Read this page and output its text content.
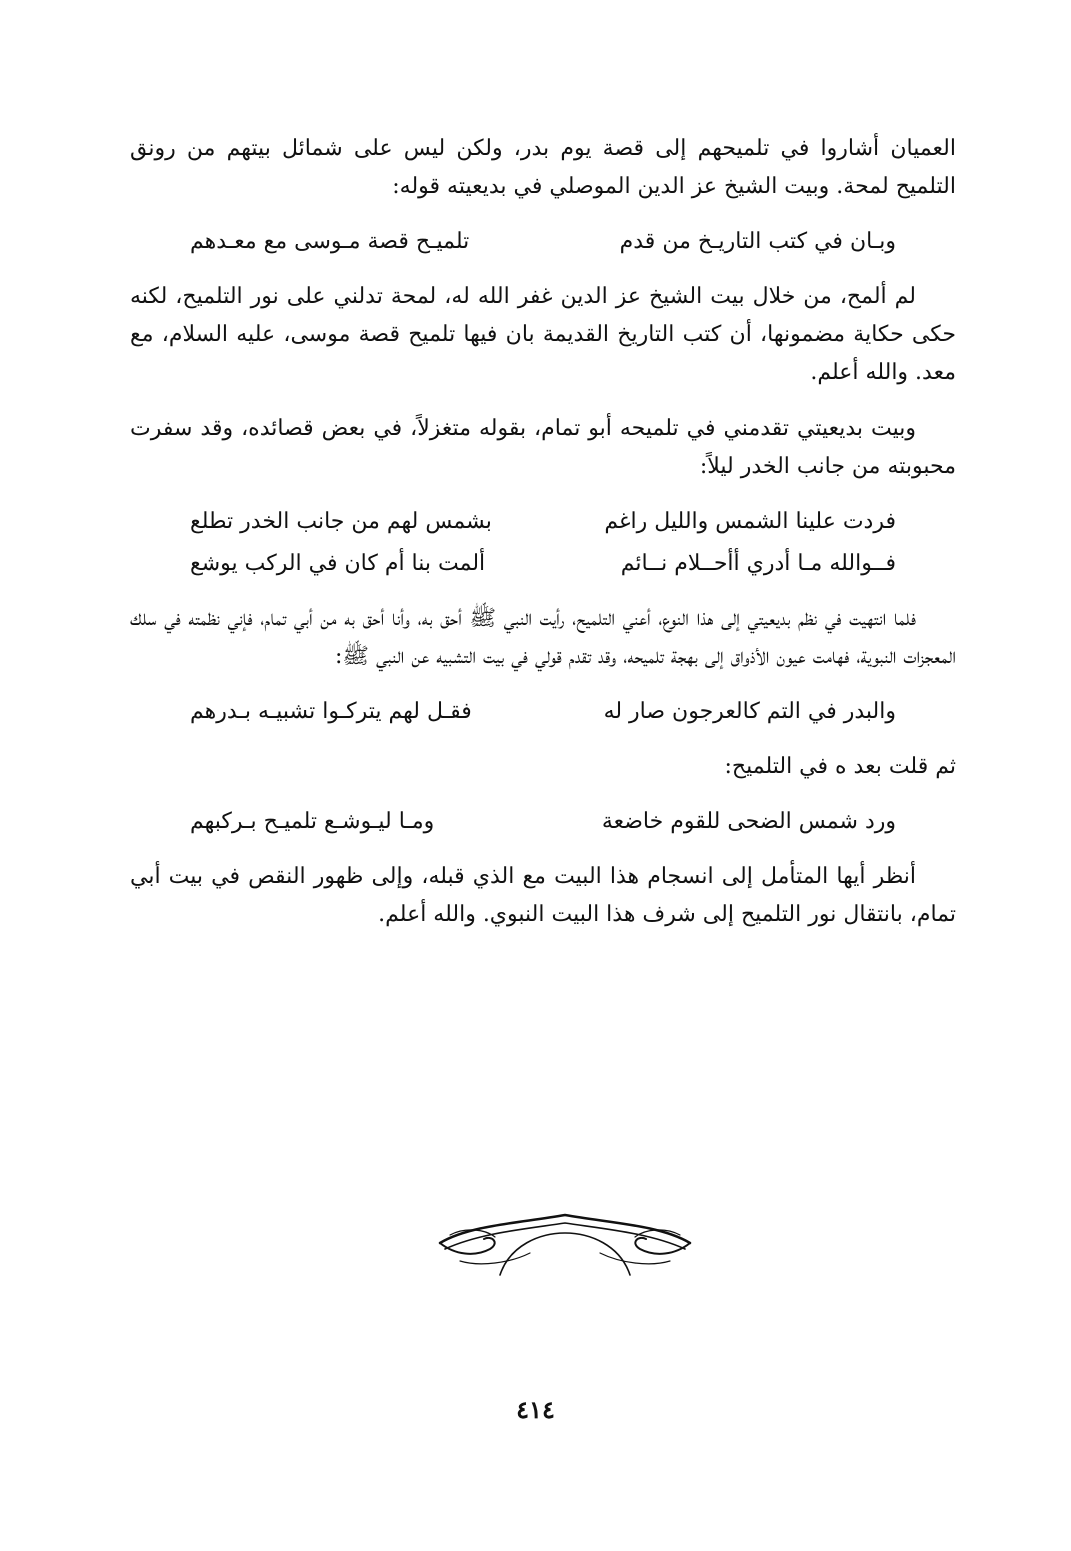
العميان أشاروا في تلميحهم إلى قصة يوم بدر، ولكن ليس على شمائل بيتهم من رونق التلميح لمحة. وبيت الشيخ عز الدين الموصلي في بديعيته قوله:

وبـان في كتب التاريـخ من قدم
تلميـح قصة مـوسى مع معـدهم

لم ألمح، من خلال بيت الشيخ عز الدين غفر الله له، لمحة تدلني على نور التلميح، لكنه حكى حكاية مضمونها، أن كتب التاريخ القديمة بان فيها تلميح قصة موسى، عليه السلام، مع معد. والله أعلم.

وبيت بديعيتي تقدمني في تلميحه أبو تمام، بقوله متغزلاً، في بعض قصائده، وقد سفرت محبوبته من جانب الخدر ليلاً:

فردت علينا الشمس والليل راغم
بشمس لهم من جانب الخدر تطلع
فــوالله مـا أدري أأحــلام نــائم
ألمت بنا أم كان في الركب يوشع

فلما انتهيت في نظم بديعيتي إلى هذا النوع، أعني التلميح، رأيت النبي ﷺ أحق به، وأنا أحق به من أبي تمام، فإني نظمته في سلك المعجزات النبوية، فهامت عيون الأذواق إلى بهجة تلميحه، وقد تقدم قولي في بيت التشبيه عن النبي ﷺ:

والبدر في التم كالعرجون صار له
فقـل لهم يتركـوا تشبيـه بـدرهم

ثم قلت بعد ه في التلميح:

ورد شمس الضحى للقوم خاضعة
ومـا ليـوشـع تلميـح بـركبهم

أنظر أيها المتأمل إلى انسجام هذا البيت مع الذي قبله، وإلى ظهور النقص في بيت أبي تمام، بانتقال نور التلميح إلى شرف هذا البيت النبوي. والله أعلم.

٤١٤
